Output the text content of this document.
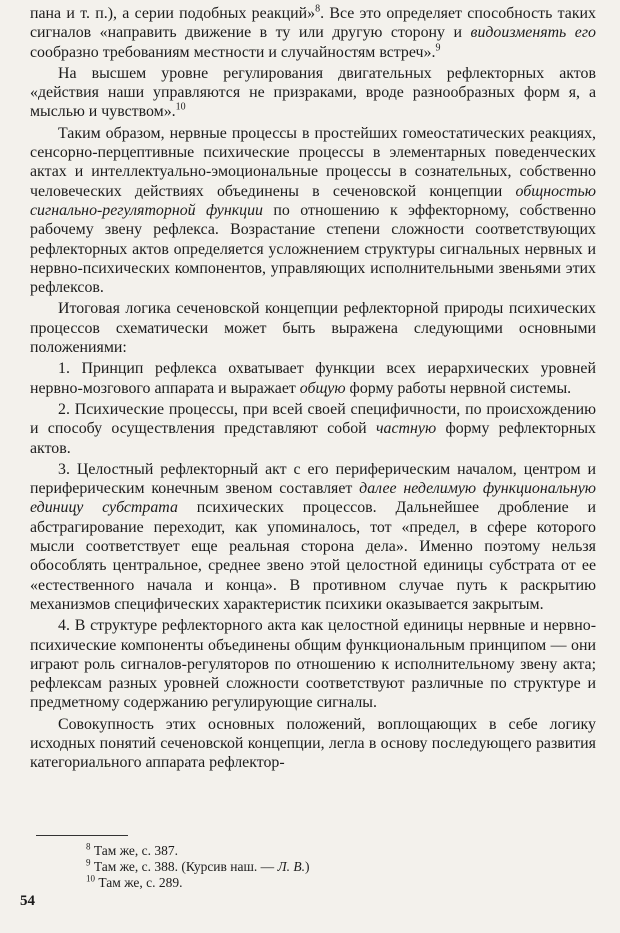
пана и т. п.), а серии подобных реакций»$^8$. Все это определяет способность таких сигналов «направить движение в ту или другую сторону и видоизменять его сообразно требованиям местности и случайностям встреч».$^9$

На высшем уровне регулирования двигательных рефлекторных актов «действия наши управляются не призраками, вроде разнообразных форм я, а мыслью и чувством».$^{10}$

Таким образом, нервные процессы в простейших гомеостатических реакциях, сенсорно-перцептивные психические процессы в элементарных поведенческих актах и интеллектуально-эмоциональные процессы в сознательных, собственно человеческих действиях объединены в сеченовской концепции общностью сигнально-регуляторной функции по отношению к эффекторному, собственно рабочему звену рефлекса. Возрастание степени сложности соответствующих рефлекторных актов определяется усложнением структуры сигнальных нервных и нервно-психических компонентов, управляющих исполнительными звеньями этих рефлексов.

Итоговая логика сеченовской концепции рефлекторной природы психических процессов схематически может быть выражена следующими основными положениями:

1. Принцип рефлекса охватывает функции всех иерархических уровней нервно-мозгового аппарата и выражает общую форму работы нервной системы.

2. Психические процессы, при всей своей специфичности, по происхождению и способу осуществления представляют собой частную форму рефлекторных актов.

3. Целостный рефлекторный акт с его периферическим началом, центром и периферическим конечным звеном составляет далее неделимую функциональную единицу субстрата психических процессов. Дальнейшее дробление и абстрагирование переходит, как упоминалось, тот «предел, в сфере которого мысли соответствует еще реальная сторона дела». Именно поэтому нельзя обособлять центральное, среднее звено этой целостной единицы субстрата от ее «естественного начала и конца». В противном случае путь к раскрытию механизмов специфических характеристик психики оказывается закрытым.

4. В структуре рефлекторного акта как целостной единицы нервные и нервно-психические компоненты объединены общим функциональным принципом — они играют роль сигналов-регуляторов по отношению к исполнительному звену акта; рефлексам разных уровней сложности соответствуют различные по структуре и предметному содержанию регулирующие сигналы.

Совокупность этих основных положений, воплощающих в себе логику исходных понятий сеченовской концепции, легла в основу последующего развития категориального аппарата рефлектор-

$^8$ Там же, с. 387.
$^9$ Там же, с. 388. (Курсив наш. — Л. В.)
$^{10}$ Там же, с. 289.
54
